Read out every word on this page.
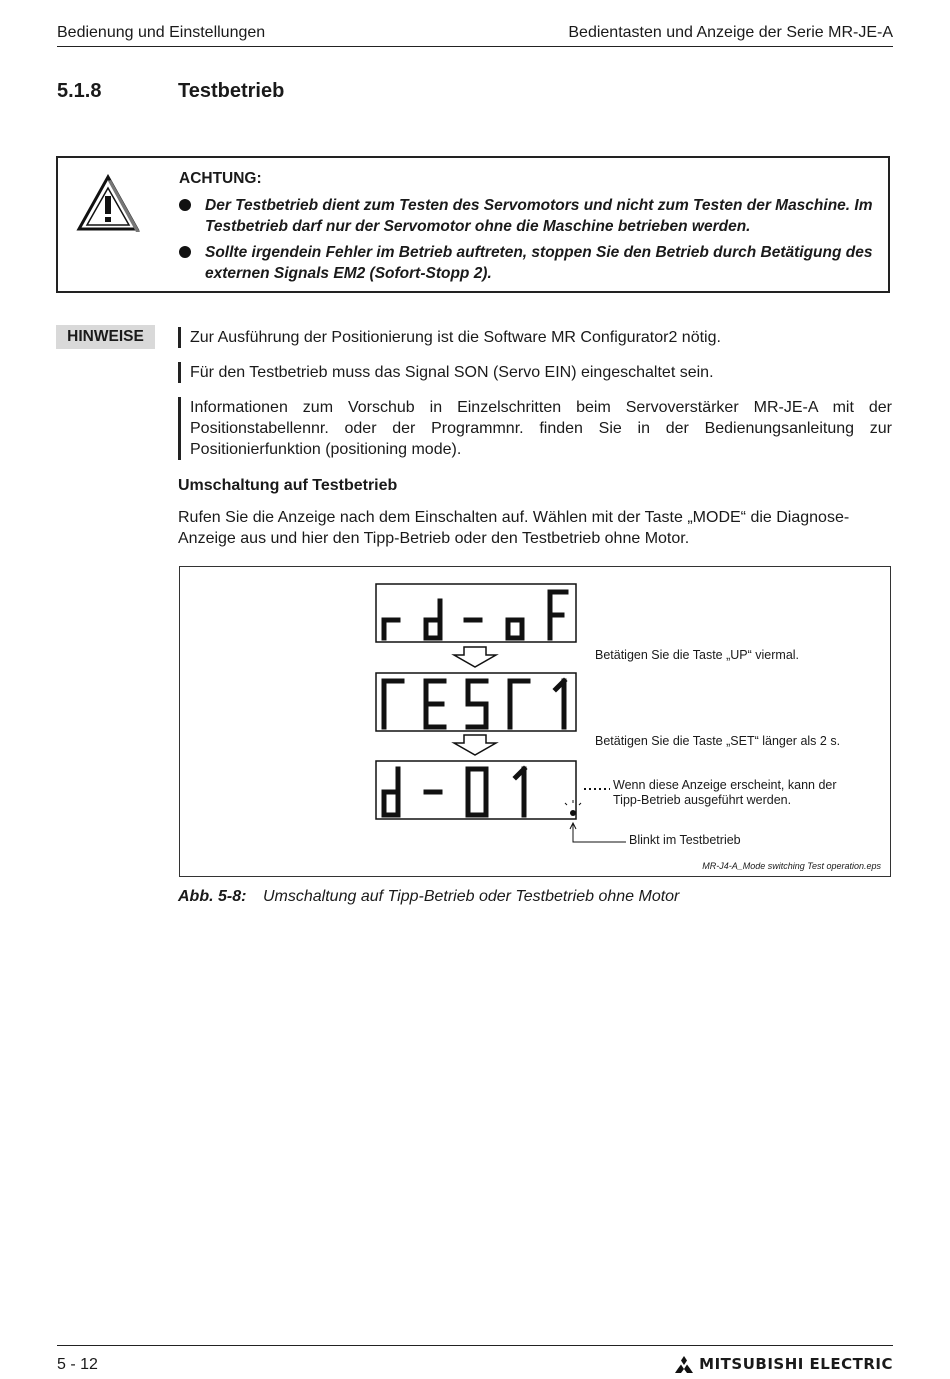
Bedienung und Einstellungen	Bedientasten und Anzeige der Serie MR-JE-A
5.1.8	Testbetrieb
ACHTUNG:
Der Testbetrieb dient zum Testen des Servomotors und nicht zum Testen der Maschine. Im Testbetrieb darf nur der Servomotor ohne die Maschine betrieben werden.
Sollte irgendein Fehler im Betrieb auftreten, stoppen Sie den Betrieb durch Betätigung des externen Signals EM2 (Sofort-Stopp 2).
HINWEISE	Zur Ausführung der Positionierung ist die Software MR Configurator2 nötig.
Für den Testbetrieb muss das Signal SON (Servo EIN) eingeschaltet sein.
Informationen zum Vorschub in Einzelschritten beim Servoverstärker MR-JE-A mit der Positionstabellennr. oder der Programmnr. finden Sie in der Bedienungsanleitung zur Positionierfunktion (positioning mode).
Umschaltung auf Testbetrieb
Rufen Sie die Anzeige nach dem Einschalten auf. Wählen mit der Taste „MODE“ die Diagnose-Anzeige aus und hier den Tipp-Betrieb oder den Testbetrieb ohne Motor.
Betätigen Sie die Taste „UP“ viermal.
Betätigen Sie die Taste „SET“ länger als 2 s.
Wenn diese Anzeige erscheint, kann der
Tipp-Betrieb ausgeführt werden.
Blinkt im Testbetrieb
MR-J4-A_Mode switching Test operation.eps
Abb. 5-8: Umschaltung auf Tipp-Betrieb oder Testbetrieb ohne Motor
5 - 12	MITSUBISHI ELECTRIC
